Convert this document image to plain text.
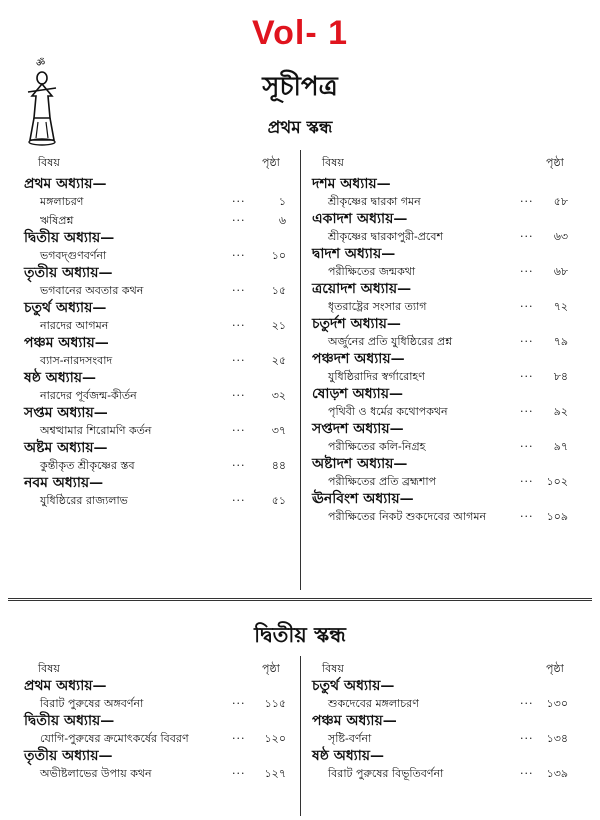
Vol- 1
ॐ
সূচীপত্র
প্রথম স্কন্ধ
বিষয়	পৃষ্ঠা	বিষয়	পৃষ্ঠা
প্রথম অধ্যায়—
মঙ্গলাচরণ	···	১
ঋষিপ্রশ্ন	···	৬
দ্বিতীয় অধ্যায়—
ভগবদ্‌গুণবর্ণনা	···	১০
তৃতীয় অধ্যায়—
ভগবানের অবতার কথন	···	১৫
চতুর্থ অধ্যায়—
নারদের আগমন	···	২১
পঞ্চম অধ্যায়—
ব্যাস-নারদসংবাদ	···	২৫
ষষ্ঠ অধ্যায়—
নারদের পূর্বজন্ম-কীর্তন	···	৩২
সপ্তম অধ্যায়—
অশ্বত্থামার শিরোমণি কর্তন	···	৩৭
অষ্টম অধ্যায়—
কুন্তীকৃত শ্রীকৃষ্ণের স্তব	···	৪৪
নবম অধ্যায়—
যুধিষ্ঠিরের রাজ্যলাভ	···	৫১
দশম অধ্যায়—
শ্রীকৃষ্ণের দ্বারকা গমন	···	৫৮
একাদশ অধ্যায়—
শ্রীকৃষ্ণের দ্বারকাপুরী-প্রবেশ	···	৬৩
দ্বাদশ অধ্যায়—
পরীক্ষিতের জন্মকথা	···	৬৮
ত্রয়োদশ অধ্যায়—
ধৃতরাষ্ট্রের সংসার ত্যাগ	···	৭২
চতুর্দশ অধ্যায়—
অর্জুনের প্রতি যুধিষ্ঠিরের প্রশ্ন	···	৭৯
পঞ্চদশ অধ্যায়—
যুধিষ্ঠিরাদির স্বর্গারোহণ	···	৮৪
ষোড়শ অধ্যায়—
পৃথিবী ও ধর্মের কথোপকথন	···	৯২
সপ্তদশ অধ্যায়—
পরীক্ষিতের কলি-নিগ্রহ	···	৯৭
অষ্টাদশ অধ্যায়—
পরীক্ষিতের প্রতি ব্রহ্মশাপ	···	১০২
ঊনবিংশ অধ্যায়—
পরীক্ষিতের নিকট শুকদেবের আগমন	···	১০৯
দ্বিতীয় স্কন্ধ
বিষয়	পৃষ্ঠা	বিষয়	পৃষ্ঠা
প্রথম অধ্যায়—
বিরাট পুরুষের অঙ্গবর্ণনা	···	১১৫
দ্বিতীয় অধ্যায়—
যোগি-পুরুষের ক্রমোৎকর্ষের বিবরণ	···	১২০
তৃতীয় অধ্যায়—
অভীষ্টলাভের উপায় কথন	···	১২৭
চতুর্থ অধ্যায়—
শুকদেবের মঙ্গলাচরণ	···	১৩০
পঞ্চম অধ্যায়—
সৃষ্টি-বর্ণনা	···	১৩৪
ষষ্ঠ অধ্যায়—
বিরাট পুরুষের বিভূতিবর্ণনা	···	১৩৯
